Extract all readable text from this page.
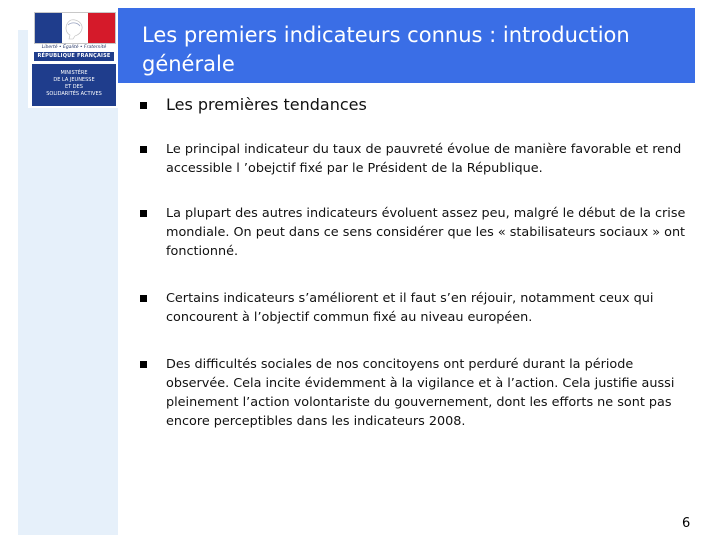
Liberté • Égalité • Fraternité
RÉPUBLIQUE FRANÇAISE
MINISTÈRE
DE LA JEUNESSE
ET DES
SOLIDARITÉS ACTIVES
Les premiers indicateurs connus : introduction générale
Les premières tendances
Le principal indicateur du taux de pauvreté évolue de manière favorable et rend accessible l ’obejctif fixé par le Président de la République.
La plupart des autres indicateurs évoluent assez peu, malgré le début de la crise mondiale. On peut dans ce sens considérer que les « stabilisateurs sociaux » ont fonctionné.
Certains indicateurs s’améliorent et il faut s’en réjouir, notamment ceux qui concourent à l’objectif commun fixé au niveau européen.
Des difficultés sociales de nos concitoyens ont perduré durant la période observée. Cela incite évidemment à la vigilance et à l’action. Cela justifie aussi pleinement l’action volontariste du gouvernement, dont les efforts ne sont pas encore perceptibles dans les indicateurs 2008.
6
